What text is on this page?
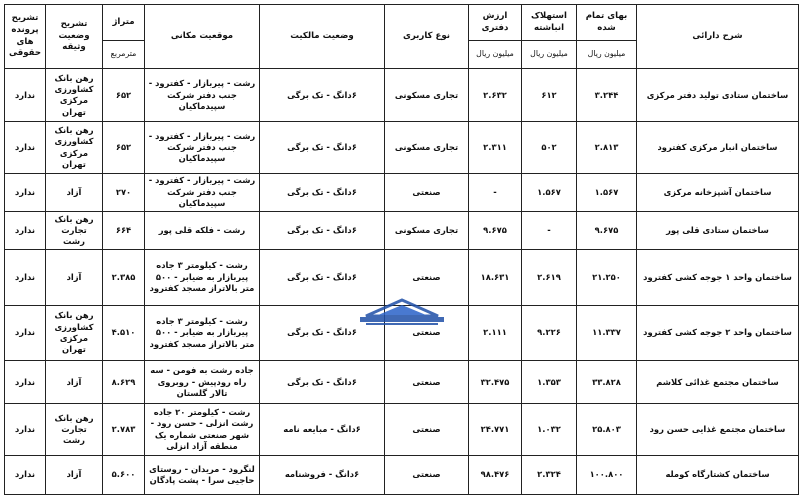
شرح دارائی	بهای تمام شده	استهلاک انباشته	ارزش دفتری	نوع کاربری	وضعیت مالکیت	موقعیت مکانی	متراژ	تشریح وضعیت وثیقه	تشریح پرونده های حقوقی
	میلیون ریال	میلیون ریال	میلیون ریال				مترمربع		
ساختمان ستادی تولید دفتر مرکزی	۳.۲۴۴	۶۱۲	۲.۶۳۲	تجاری مسکونی	۶دانگ - تک برگی	رشت - پیربازار - کفترود - جنب دفتر شرکت سپیدماکیان	۶۵۲	رهن بانک کشاورزی مرکزی تهران	ندارد
ساختمان انبار مرکزی کفترود	۲.۸۱۳	۵۰۲	۲.۳۱۱	تجاری مسکونی	۶دانگ - تک برگی	رشت - پیربازار - کفترود - جنب دفتر شرکت سپیدماکیان	۶۵۲	رهن بانک کشاورزی مرکزی تهران	ندارد
ساختمان آشپزخانه مرکزی	۱.۵۶۷	۱.۵۶۷	-	صنعتی	۶دانگ - تک برگی	رشت - پیربازار - کفترود - جنب دفتر شرکت سپیدماکیان	۲۷۰	آزاد	ندارد
ساختمان ستادی قلی پور	۹.۶۷۵	-	۹.۶۷۵	تجاری مسکونی	۶دانگ - تک برگی	رشت - فلکه قلی پور	۶۶۴	رهن بانک تجارت رشت	ندارد
ساختمان واحد ۱ جوجه کشی کفترود	۲۱.۲۵۰	۲.۶۱۹	۱۸.۶۳۱	صنعتی	۶دانگ - تک برگی	رشت - کیلومتر ۳ جاده پیربازار به ضیابر - ۵۰۰ متر بالاتراز مسجد کفترود	۲.۳۸۵	آزاد	ندارد
ساختمان واحد ۲ جوجه کشی کفترود	۱۱.۳۳۷	۹.۲۲۶	۲.۱۱۱	صنعتی	۶دانگ - تک برگی	رشت - کیلومتر ۳ جاده پیربازار به ضیابر - ۵۰۰ متر بالاتراز مسجد کفترود	۴.۵۱۰	رهن بانک کشاورزی مرکزی تهران	ندارد
ساختمان مجتمع غذائی کلاشم	۳۳.۸۲۸	۱.۳۵۳	۳۲.۴۷۵	صنعتی	۶دانگ - تک برگی	جاده رشت به فومن - سه راه رودپیش - روبروی تالار گلستان	۸.۶۲۹	آزاد	ندارد
ساختمان مجتمع غذایی حسن رود	۲۵.۸۰۳	۱.۰۳۲	۲۴.۷۷۱	صنعتی	۶دانگ - مبایعه نامه	رشت - کیلومتر ۲۰ جاده رشت انزلی - حسن رود - شهر صنعتی شماره یک منطقه آزاد انزلی	۲.۷۸۳	رهن بانک تجارت رشت	ندارد
ساختمان کشتارگاه کومله	۱۰۰.۸۰۰	۲.۳۲۴	۹۸.۴۷۶	صنعتی	۶دانگ - فروشنامه	لنگرود - مریدان - روستای حاجیی سرا - پشت پادگان	۵.۶۰۰	آزاد	ندارد
